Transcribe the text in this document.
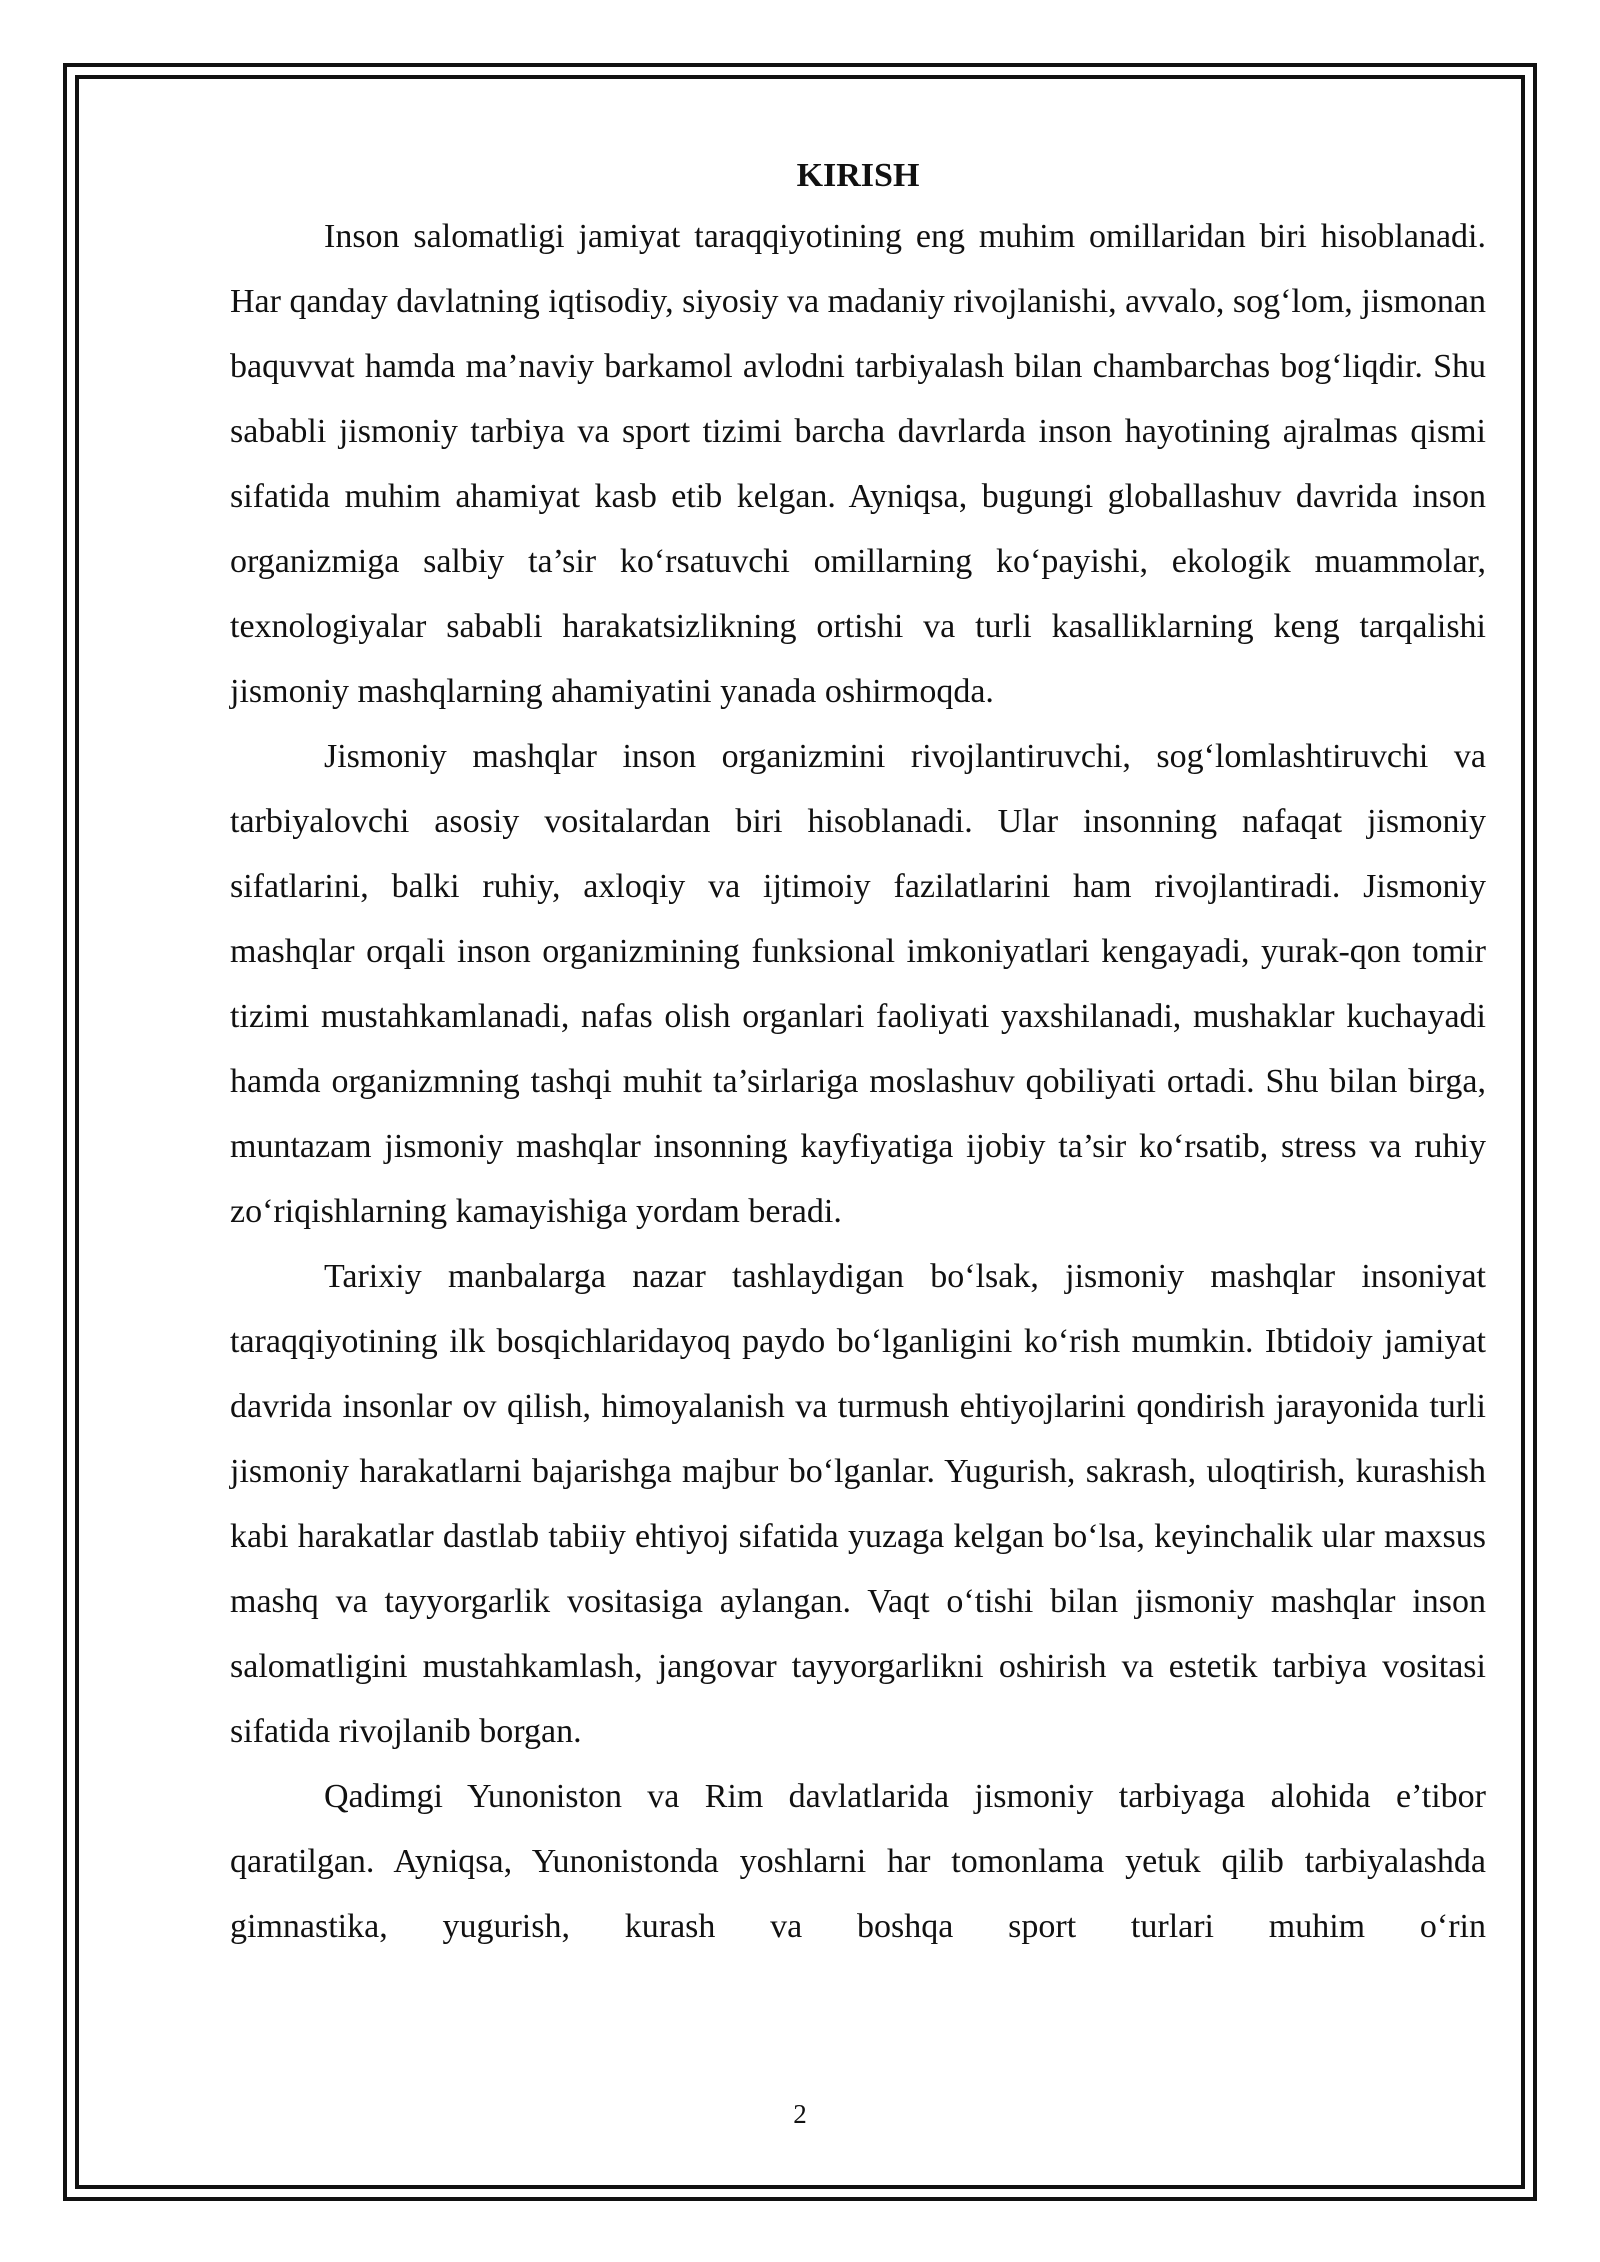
KIRISH

Inson salomatligi jamiyat taraqqiyotining eng muhim omillaridan biri hisoblanadi. Har qanday davlatning iqtisodiy, siyosiy va madaniy rivojlanishi, avvalo, sog‘lom, jismonan baquvvat hamda ma’naviy barkamol avlodni tarbiyalash bilan chambarchas bog‘liqdir. Shu sababli jismoniy tarbiya va sport tizimi barcha davrlarda inson hayotining ajralmas qismi sifatida muhim ahamiyat kasb etib kelgan. Ayniqsa, bugungi globallashuv davrida inson organizmiga salbiy ta’sir ko‘rsatuvchi omillarning ko‘payishi, ekologik muammolar, texnologiyalar sababli harakatsizlikning ortishi va turli kasalliklarning keng tarqalishi jismoniy mashqlarning ahamiyatini yanada oshirmoqda.

Jismoniy mashqlar inson organizmini rivojlantiruvchi, sog‘lomlashtiruvchi va tarbiyalovchi asosiy vositalardan biri hisoblanadi. Ular insonning nafaqat jismoniy sifatlarini, balki ruhiy, axloqiy va ijtimoiy fazilatlarini ham rivojlantiradi. Jismoniy mashqlar orqali inson organizmining funksional imkoniyatlari kengayadi, yurak-qon tomir tizimi mustahkamlanadi, nafas olish organlari faoliyati yaxshilanadi, mushaklar kuchayadi hamda organizmning tashqi muhit ta’sirlariga moslashuv qobiliyati ortadi. Shu bilan birga, muntazam jismoniy mashqlar insonning kayfiyatiga ijobiy ta’sir ko‘rsatib, stress va ruhiy zo‘riqishlarning kamayishiga yordam beradi.

Tarixiy manbalarga nazar tashlaydigan bo‘lsak, jismoniy mashqlar insoniyat taraqqiyotining ilk bosqichlaridayoq paydo bo‘lganligini ko‘rish mumkin. Ibtidoiy jamiyat davrida insonlar ov qilish, himoyalanish va turmush ehtiyojlarini qondirish jarayonida turli jismoniy harakatlarni bajarishga majbur bo‘lganlar. Yugurish, sakrash, uloqtirish, kurashish kabi harakatlar dastlab tabiiy ehtiyoj sifatida yuzaga kelgan bo‘lsa, keyinchalik ular maxsus mashq va tayyorgarlik vositasiga aylangan. Vaqt o‘tishi bilan jismoniy mashqlar inson salomatligini mustahkamlash, jangovar tayyorgarlikni oshirish va estetik tarbiya vositasi sifatida rivojlanib borgan.

Qadimgi Yunoniston va Rim davlatlarida jismoniy tarbiyaga alohida e’tibor qaratilgan. Ayniqsa, Yunonistonda yoshlarni har tomonlama yetuk qilib tarbiyalashda gimnastika, yugurish, kurash va boshqa sport turlari muhim o‘rin

2
